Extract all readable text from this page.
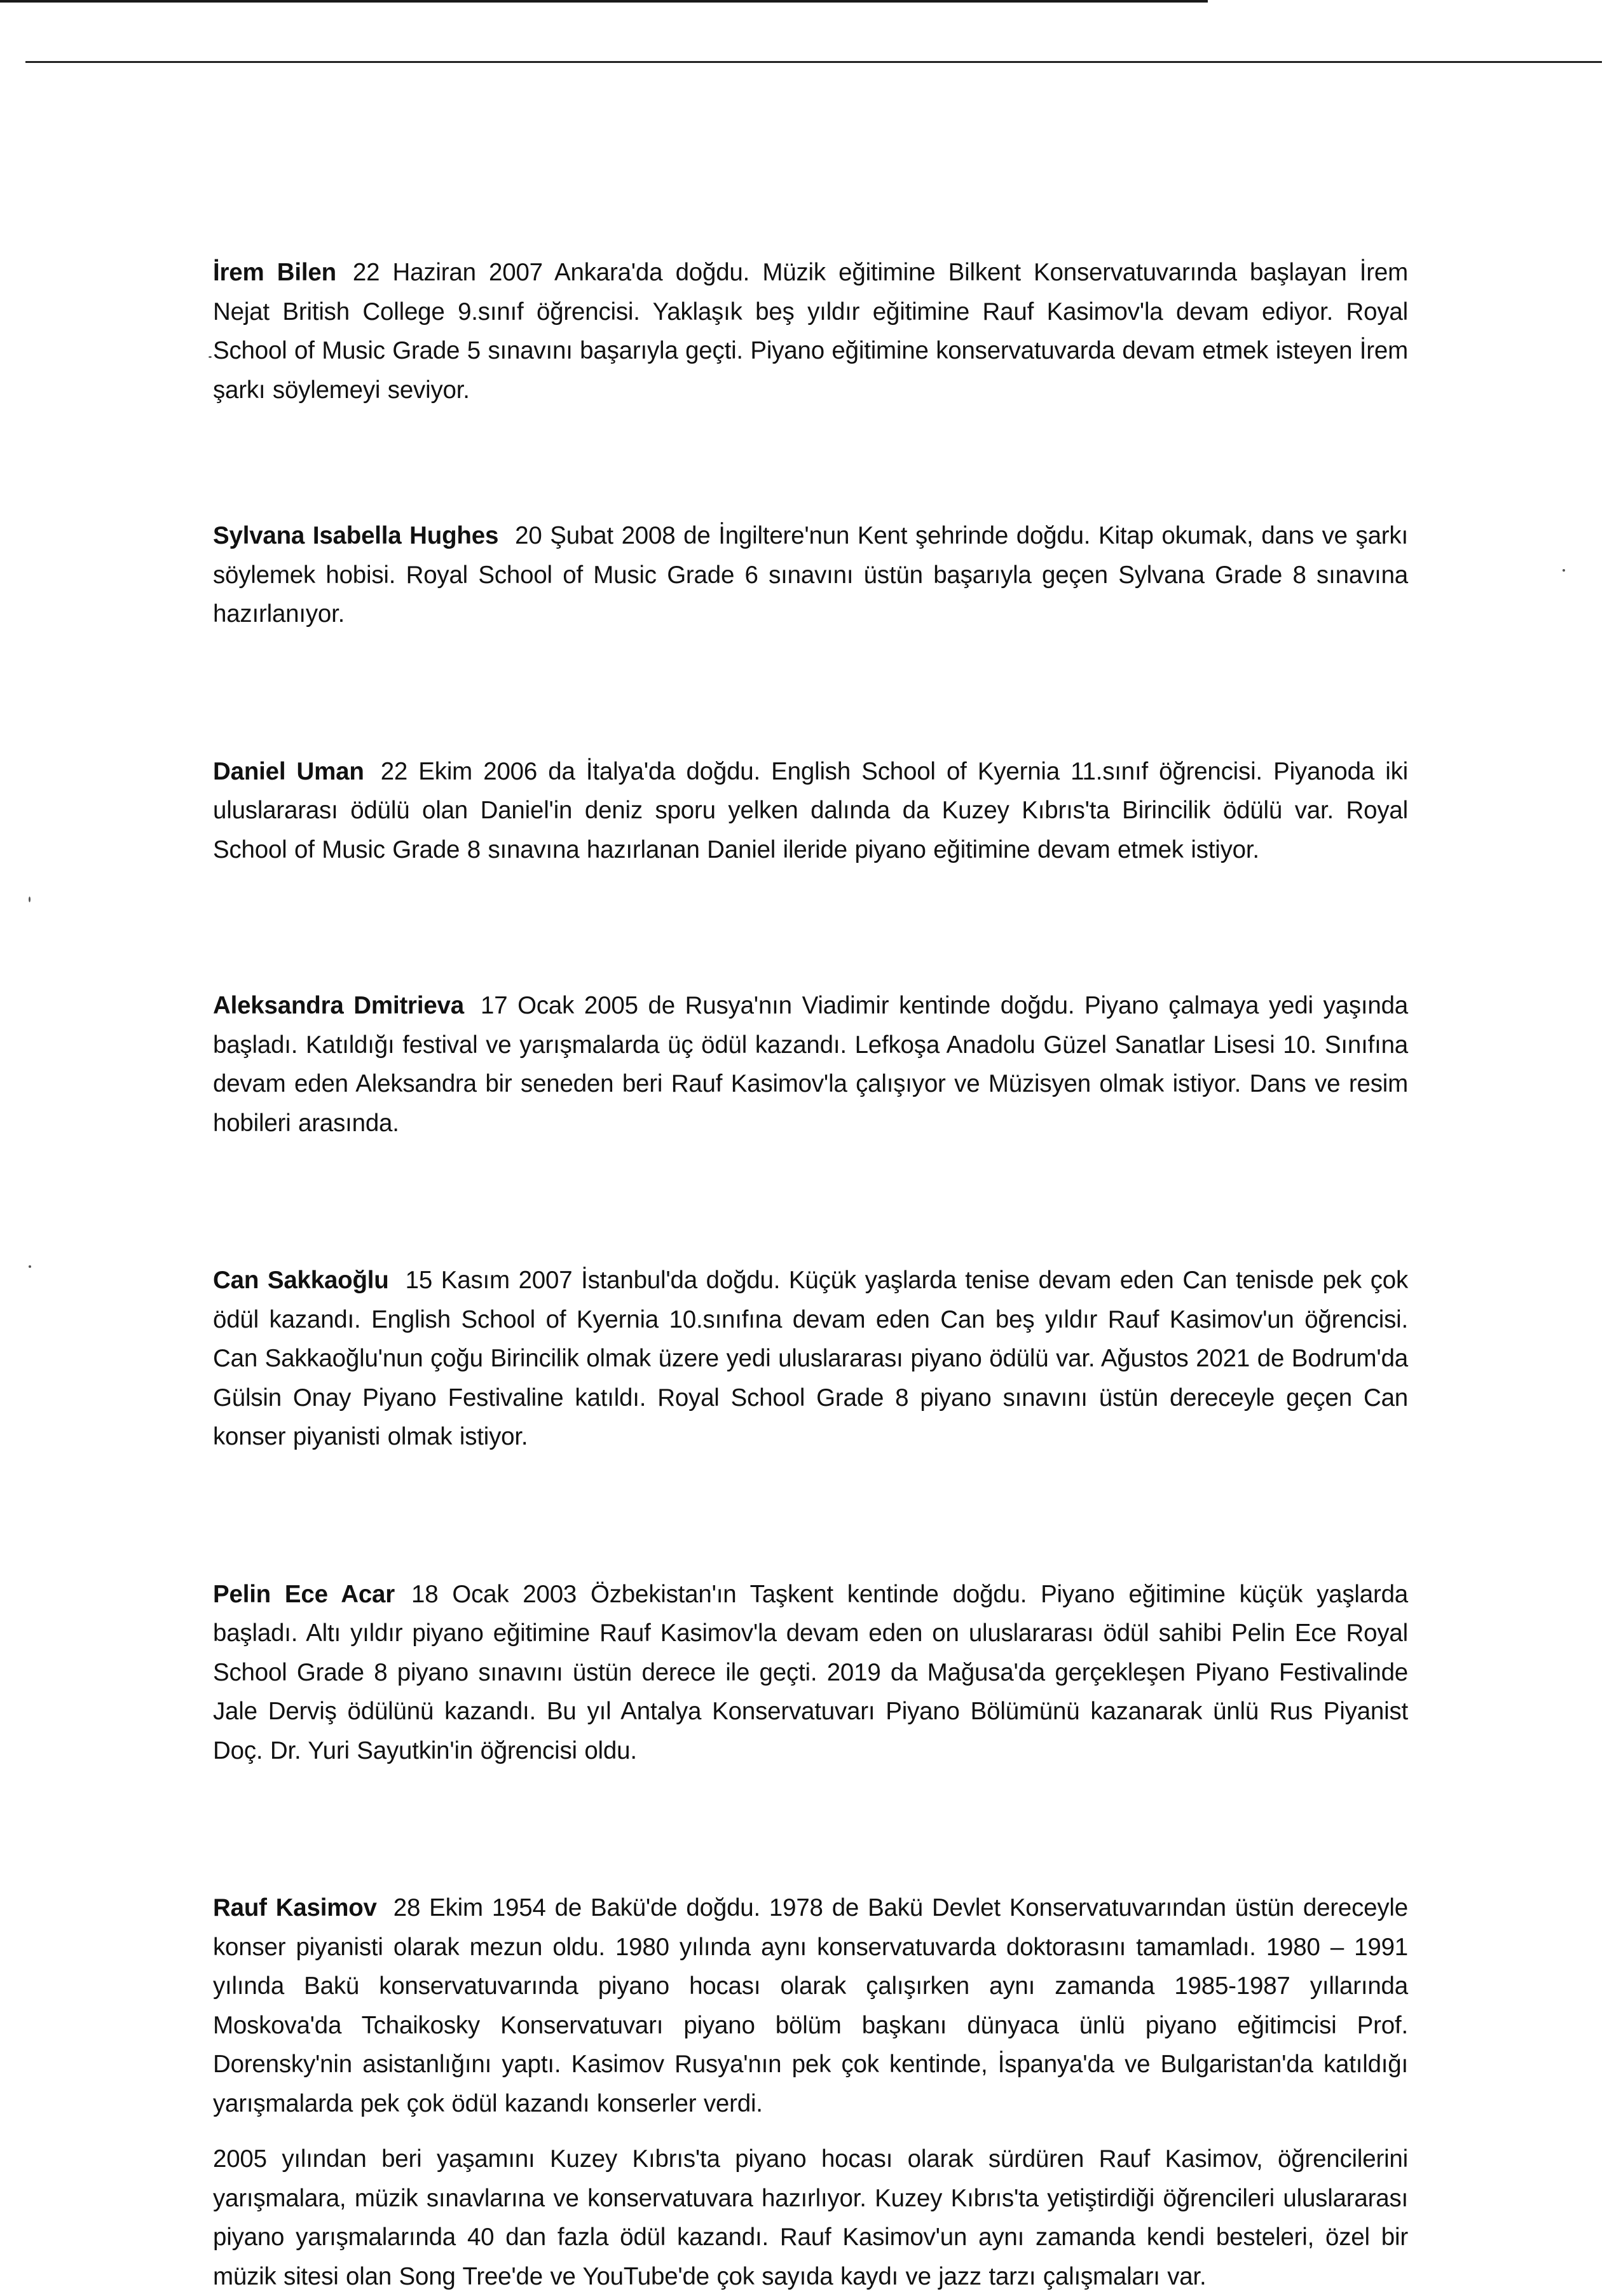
İrem Bilen 22 Haziran 2007 Ankara'da doğdu. Müzik eğitimine Bilkent Konservatuvarında başlayan İrem Nejat British College 9.sınıf öğrencisi. Yaklaşık beş yıldır eğitimine Rauf Kasimov'la devam ediyor. Royal School of Music Grade 5 sınavını başarıyla geçti. Piyano eğitimine konservatuvarda devam etmek isteyen İrem şarkı söylemeyi seviyor.

Sylvana Isabella Hughes 20 Şubat 2008 de İngiltere'nun Kent şehrinde doğdu. Kitap okumak, dans ve şarkı söylemek hobisi. Royal School of Music Grade 6 sınavını üstün başarıyla geçen Sylvana Grade 8 sınavına hazırlanıyor.

Daniel Uman 22 Ekim 2006 da İtalya'da doğdu. English School of Kyernia 11.sınıf öğrencisi. Piyanoda iki uluslararası ödülü olan Daniel'in deniz sporu yelken dalında da Kuzey Kıbrıs'ta Birincilik ödülü var. Royal School of Music Grade 8 sınavına hazırlanan Daniel ileride piyano eğitimine devam etmek istiyor.

Aleksandra Dmitrieva 17 Ocak 2005 de Rusya'nın Viadimir kentinde doğdu. Piyano çalmaya yedi yaşında başladı. Katıldığı festival ve yarışmalarda üç ödül kazandı. Lefkoşa Anadolu Güzel Sanatlar Lisesi 10. Sınıfına devam eden Aleksandra bir seneden beri Rauf Kasimov'la çalışıyor ve Müzisyen olmak istiyor. Dans ve resim hobileri arasında.

Can Sakkaoğlu 15 Kasım 2007 İstanbul'da doğdu. Küçük yaşlarda tenise devam eden Can tenisde pek çok ödül kazandı. English School of Kyernia 10.sınıfına devam eden Can beş yıldır Rauf Kasimov'un öğrencisi. Can Sakkaoğlu'nun çoğu Birincilik olmak üzere yedi uluslararası piyano ödülü var. Ağustos 2021 de Bodrum'da Gülsin Onay Piyano Festivaline katıldı. Royal School Grade 8 piyano sınavını üstün dereceyle geçen Can konser piyanisti olmak istiyor.

Pelin Ece Acar 18 Ocak 2003 Özbekistan'ın Taşkent kentinde doğdu. Piyano eğitimine küçük yaşlarda başladı. Altı yıldır piyano eğitimine Rauf Kasimov'la devam eden on uluslararası ödül sahibi Pelin Ece Royal School Grade 8 piyano sınavını üstün derece ile geçti. 2019 da Mağusa'da gerçekleşen Piyano Festivalinde Jale Derviş ödülünü kazandı. Bu yıl Antalya Konservatuvarı Piyano Bölümünü kazanarak ünlü Rus Piyanist Doç. Dr. Yuri Sayutkin'in öğrencisi oldu.

Rauf Kasimov 28 Ekim 1954 de Bakü'de doğdu. 1978 de Bakü Devlet Konservatuvarından üstün dereceyle konser piyanisti olarak mezun oldu. 1980 yılında aynı konservatuvarda doktorasını tamamladı. 1980 – 1991 yılında Bakü konservatuvarında piyano hocası olarak çalışırken aynı zamanda 1985-1987 yıllarında Moskova'da Tchaikosky Konservatuvarı piyano bölüm başkanı dünyaca ünlü piyano eğitimcisi Prof. Dorensky'nin asistanlığını yaptı. Kasimov Rusya'nın pek çok kentinde, İspanya'da ve Bulgaristan'da katıldığı yarışmalarda pek çok ödül kazandı konserler verdi.

2005 yılından beri yaşamını Kuzey Kıbrıs'ta piyano hocası olarak sürdüren Rauf Kasimov, öğrencilerini yarışmalara, müzik sınavlarına ve konservatuvara hazırlıyor. Kuzey Kıbrıs'ta yetiştirdiği öğrencileri uluslararası piyano yarışmalarında 40 dan fazla ödül kazandı. Rauf Kasimov'un aynı zamanda kendi besteleri, özel bir müzik sitesi olan Song Tree'de ve YouTube'de çok sayıda kaydı ve jazz tarzı çalışmaları var.
